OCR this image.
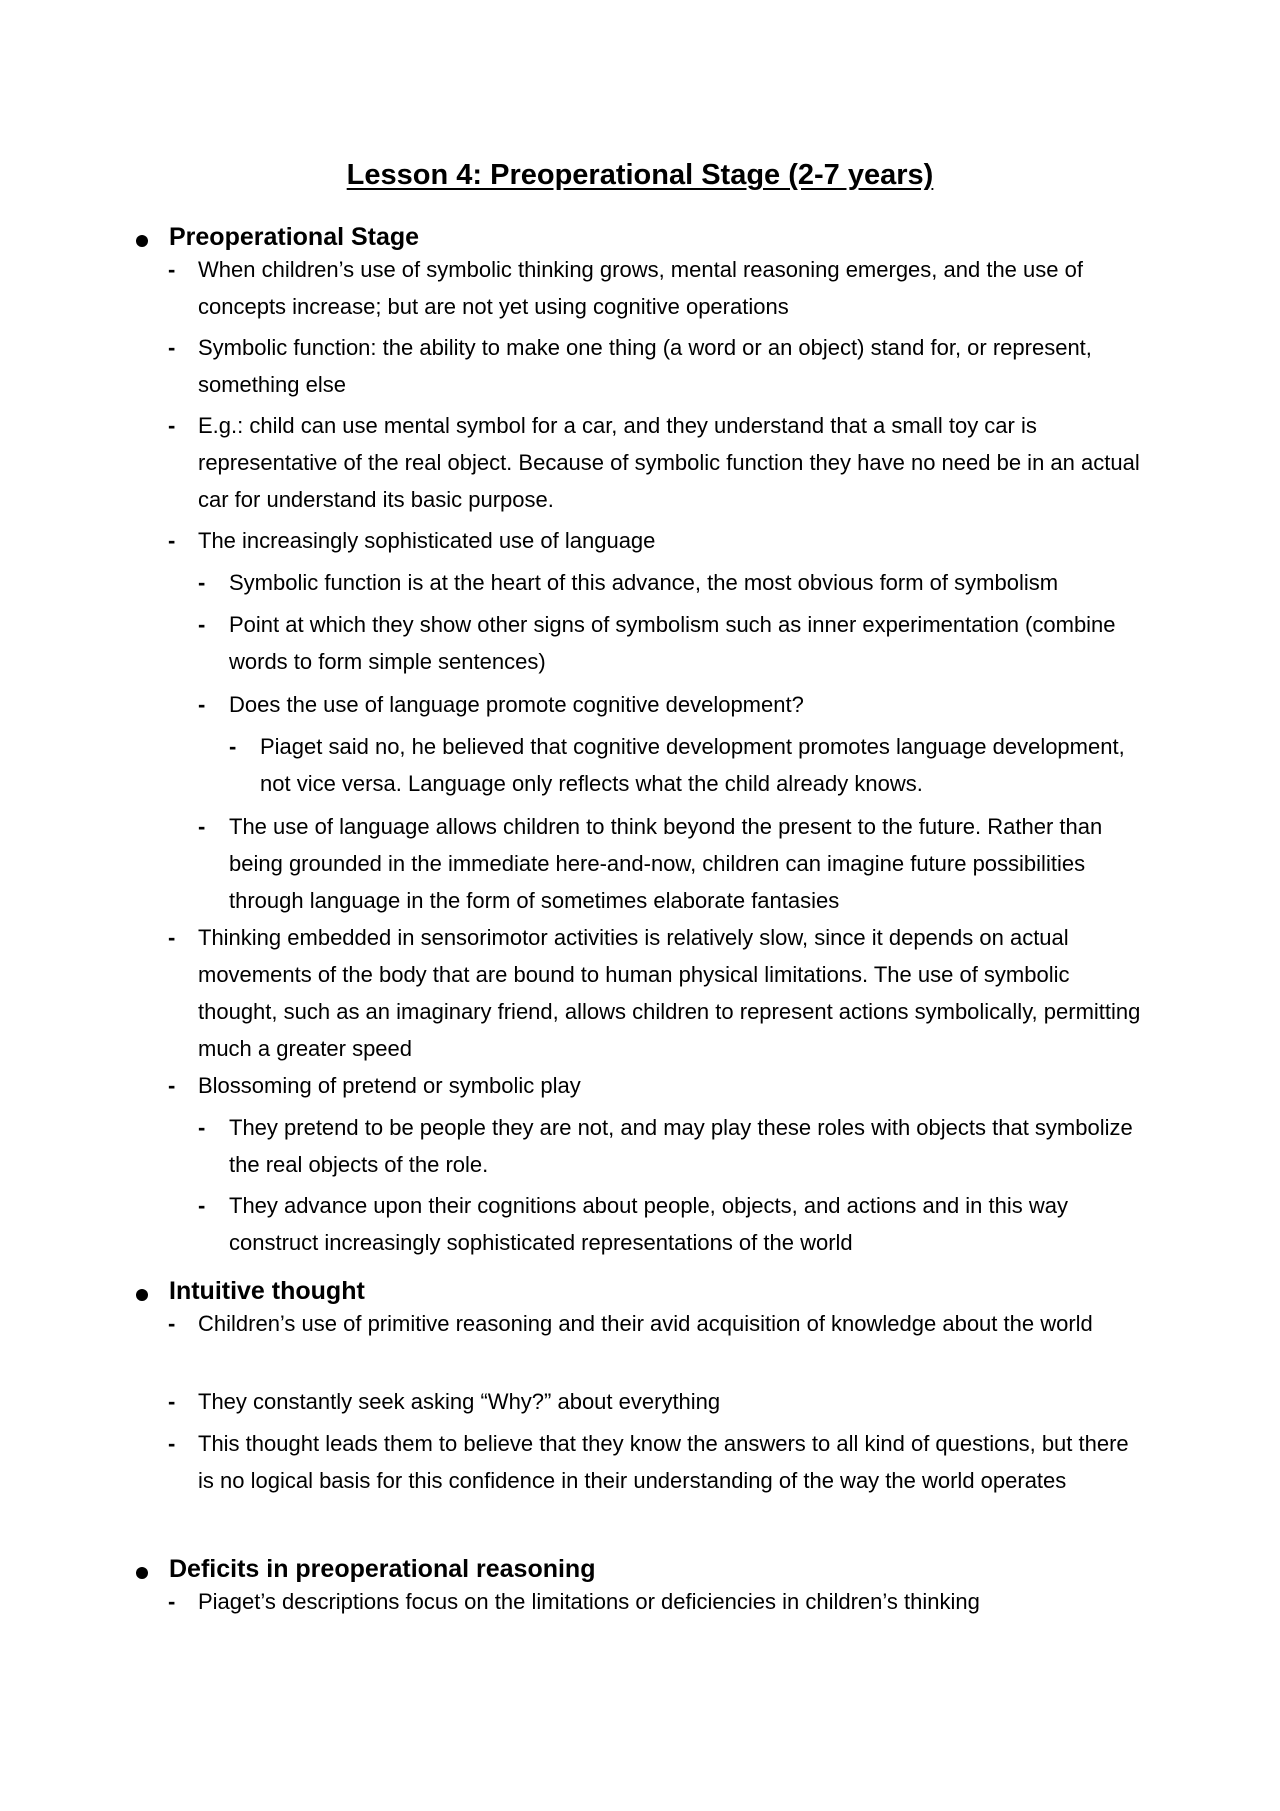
Lesson 4: Preoperational Stage (2-7 years)
Preoperational Stage
- When children’s use of symbolic thinking grows, mental reasoning emerges, and the use of concepts increase; but are not yet using cognitive operations
- Symbolic function: the ability to make one thing (a word or an object) stand for, or represent, something else
- E.g.: child can use mental symbol for a car, and they understand that a small toy car is representative of the real object. Because of symbolic function they have no need be in an actual car for understand its basic purpose.
- The increasingly sophisticated use of language
- Symbolic function is at the heart of this advance, the most obvious form of symbolism
- Point at which they show other signs of symbolism such as inner experimentation (combine words to form simple sentences)
- Does the use of language promote cognitive development?
- Piaget said no, he believed that cognitive development promotes language development, not vice versa. Language only reflects what the child already knows.
- The use of language allows children to think beyond the present to the future. Rather than being grounded in the immediate here-and-now, children can imagine future possibilities through language in the form of sometimes elaborate fantasies
- Thinking embedded in sensorimotor activities is relatively slow, since it depends on actual movements of the body that are bound to human physical limitations. The use of symbolic thought, such as an imaginary friend, allows children to represent actions symbolically, permitting much a greater speed
- Blossoming of pretend or symbolic play
- They pretend to be people they are not, and may play these roles with objects that symbolize the real objects of the role.
- They advance upon their cognitions about people, objects, and actions and in this way construct increasingly sophisticated representations of the world
Intuitive thought
- Children’s use of primitive reasoning and their avid acquisition of knowledge about the world
- They constantly seek asking “Why?” about everything
- This thought leads them to believe that they know the answers to all kind of questions, but there is no logical basis for this confidence in their understanding of the way the world operates
Deficits in preoperational reasoning
- Piaget’s descriptions focus on the limitations or deficiencies in children’s thinking
